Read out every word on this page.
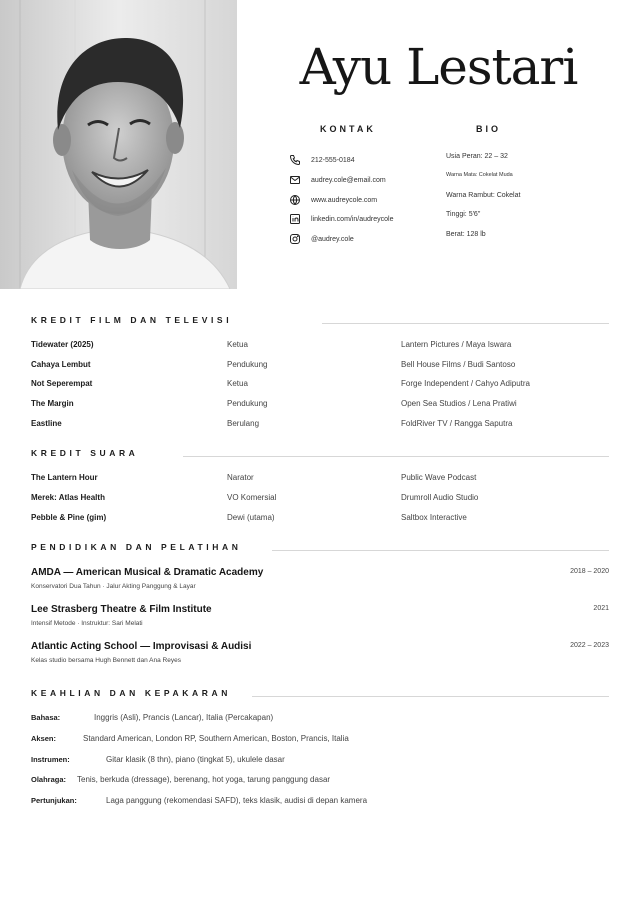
Ayu Lestari
KONTAK	BIO
212-555-0184
audrey.cole@email.com
www.audreycole.com
linkedin.com/in/audreycole
@audrey.cole
Usia Peran: 22 – 32
Warna Mata: Cokelat Muda
Warna Rambut: Cokelat
Tinggi: 5'6"
Berat: 128 lb
KREDIT FILM DAN TELEVISI
Tidewater (2025)	Ketua	Lantern Pictures / Maya Iswara
Cahaya Lembut	Pendukung	Bell House Films / Budi Santoso
Not Seperempat	Ketua	Forge Independent / Cahyo Adiputra
The Margin	Pendukung	Open Sea Studios / Lena Pratiwi
Eastline	Berulang	FoldRiver TV / Rangga Saputra
KREDIT SUARA
The Lantern Hour	Narator	Public Wave Podcast
Merek: Atlas Health	VO Komersial	Drumroll Audio Studio
Pebble & Pine (gim)	Dewi (utama)	Saltbox Interactive
PENDIDIKAN DAN PELATIHAN
AMDA — American Musical & Dramatic Academy	2018 – 2020
Konservatori Dua Tahun · Jalur Akting Panggung & Layar
Lee Strasberg Theatre & Film Institute	2021
Intensif Metode · Instruktur: Sari Melati
Atlantic Acting School — Improvisasi & Audisi	2022 – 2023
Kelas studio bersama Hugh Bennett dan Ana Reyes
KEAHLIAN DAN KEPAKARAN
Bahasa:	Inggris (Asli), Prancis (Lancar), Italia (Percakapan)
Aksen:	Standard American, London RP, Southern American, Boston, Prancis, Italia
Instrumen:	Gitar klasik (8 thn), piano (tingkat 5), ukulele dasar
Olahraga: Tenis, berkuda (dressage), berenang, hot yoga, tarung panggung dasar
Pertunjukan:	Laga panggung (rekomendasi SAFD), teks klasik, audisi di depan kamera
